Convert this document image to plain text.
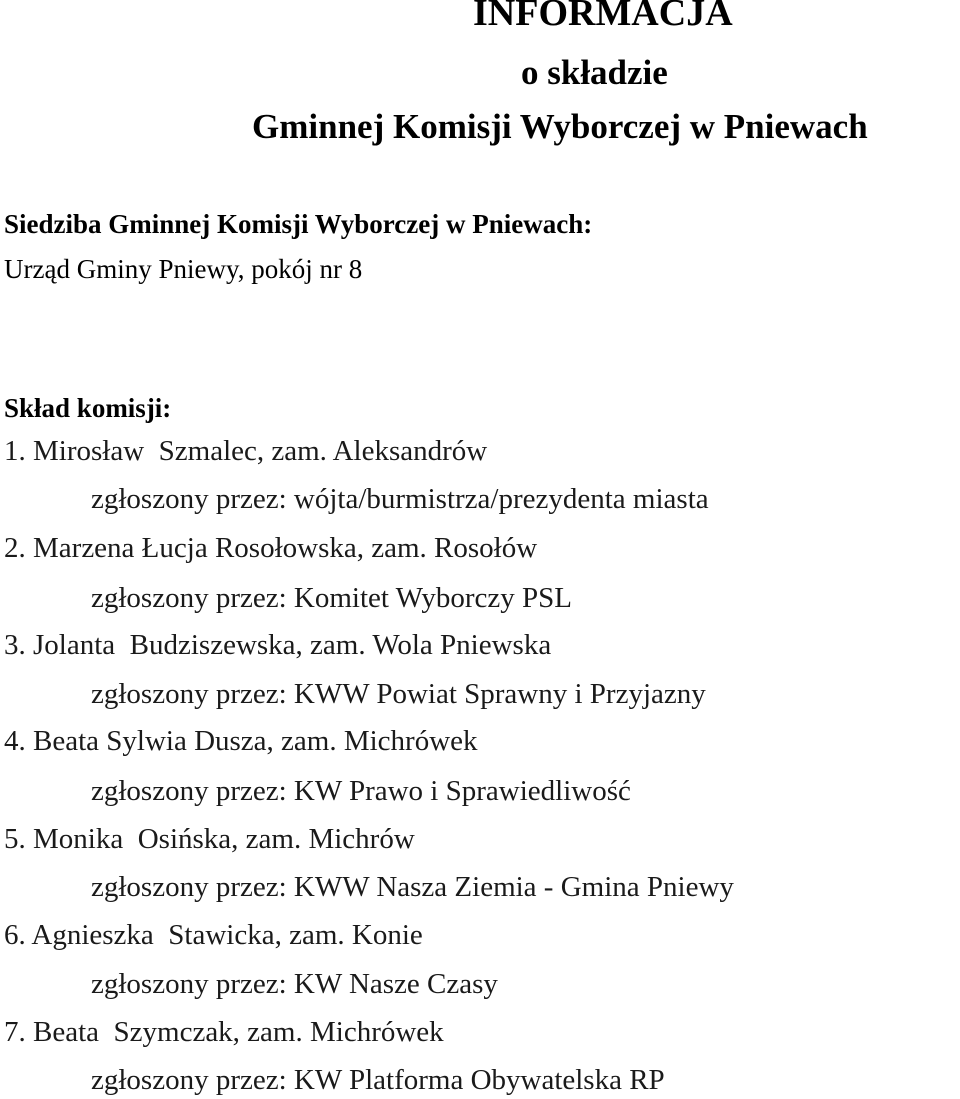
INFORMACJA
o składzie
Gminnej Komisji Wyborczej w Pniewach
Siedziba Gminnej Komisji Wyborczej w Pniewach:
Urząd Gminy Pniewy, pokój nr 8
Skład komisji:
1. Mirosław  Szmalec, zam. Aleksandrów
zgłoszony przez: wójta/burmistrza/prezydenta miasta
2. Marzena Łucja Rosołowska, zam. Rosołów
zgłoszony przez: Komitet Wyborczy PSL
3. Jolanta  Budziszewska, zam. Wola Pniewska
zgłoszony przez: KWW Powiat Sprawny i Przyjazny
4. Beata Sylwia Dusza, zam. Michrówek
zgłoszony przez: KW Prawo i Sprawiedliwość
5. Monika  Osińska, zam. Michrów
zgłoszony przez: KWW Nasza Ziemia - Gmina Pniewy
6. Agnieszka  Stawicka, zam. Konie
zgłoszony przez: KW Nasze Czasy
7. Beata  Szymczak, zam. Michrówek
zgłoszony przez: KW Platforma Obywatelska RP
